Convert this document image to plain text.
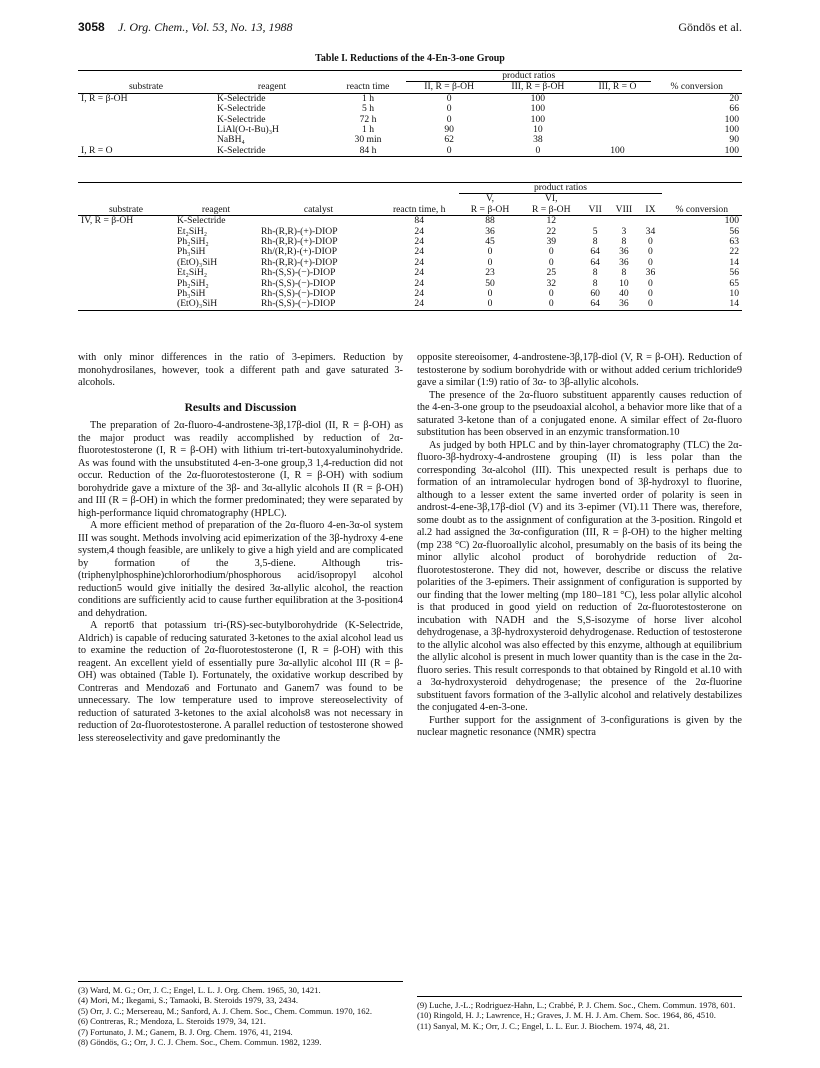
3058 J. Org. Chem., Vol. 53, No. 13, 1988	Göndös et al.
Table I. Reductions of the 4-En-3-one Group
			product ratios			
substrate	reagent	reactn time	II, R = β-OH	III, R = β-OH	III, R = O	% conversion
I, R = β-OH	K-Selectride	1 h	0	100		20
	K-Selectride	5 h	0	100		66
	K-Selectride	72 h	0	100		100
	LiAl(O-t-Bu)₃H	1 h	90	10		100
	NaBH₄	30 min	62	38		90
I, R = O	K-Selectride	84 h	0	0	100	100
				product ratios					
				V,	VI,				
substrate	reagent	catalyst	reactn time, h	R = β-OH	R = β-OH	VII	VIII	IX	% conversion
IV, R = β-OH	K-Selectride		84	88	12				100
	Et₂SiH₂	Rh-(R,R)-(+)-DIOP	24	36	22	5	3	34	56
	Ph₂SiH₂	Rh-(R,R)-(+)-DIOP	24	45	39	8	8	0	63
	Ph₃SiH	Rh/(R,R)-(+)-DIOP	24	0	0	64	36	0	22
	(EtO)₃SiH	Rh-(R,R)-(+)-DIOP	24	0	0	64	36	0	14
	Et₂SiH₂	Rh-(S,S)-(−)-DIOP	24	23	25	8	8	36	56
	Ph₂SiH₂	Rh-(S,S)-(−)-DIOP	24	50	32	8	10	0	65
	Ph₃SiH	Rh-(S,S)-(−)-DIOP	24	0	0	60	40	0	10
	(EtO)₃SiH	Rh-(S,S)-(−)-DIOP	24	0	0	64	36	0	14

with only minor differences in the ratio of 3-epimers. Reduction by monohydrosilanes, however, took a different path and gave saturated 3-alcohols.

Results and Discussion

The preparation of 2α-fluoro-4-androstene-3β,17β-diol (II, R = β-OH) as the major product was readily accomplished by reduction of 2α-fluorotestosterone (I, R = β-OH) with lithium tri-tert-butoxyaluminohydride. As was found with the unsubstituted 4-en-3-one group,3 1,4-reduction did not occur. Reduction of the 2α-fluorotestosterone (I, R = β-OH) with sodium borohydride gave a mixture of the 3β- and 3α-allylic alcohols II (R = β-OH) and III (R = β-OH) in which the former predominated; they were separated by high-performance liquid chromatography (HPLC).

A more efficient method of preparation of the 2α-fluoro 4-en-3α-ol system III was sought. Methods involving acid epimerization of the 3β-hydroxy 4-ene system,4 though feasible, are unlikely to give a high yield and are complicated by formation of the 3,5-diene. Although tris-(triphenylphosphine)chlororhodium/phosphorous acid/isopropyl alcohol reduction5 would give initially the desired 3α-allylic alcohol, the reaction conditions are sufficiently acid to cause further equilibration at the 3-position4 and dehydration.

A report6 that potassium tri-(RS)-sec-butylborohydride (K-Selectride, Aldrich) is capable of reducing saturated 3-ketones to the axial alcohol lead us to examine the reduction of 2α-fluorotestosterone (I, R = β-OH) with this reagent. An excellent yield of essentially pure 3α-allylic alcohol III (R = β-OH) was obtained (Table I). Fortunately, the oxidative workup described by Contreras and Mendoza6 and Fortunato and Ganem7 was found to be unnecessary. The low temperature used to improve stereoselectivity of reduction of saturated 3-ketones to the axial alcohols8 was not necessary in reduction of 2α-fluorotestosterone. A parallel reduction of testosterone showed less stereoselectivity and gave predominantly the

opposite stereoisomer, 4-androstene-3β,17β-diol (V, R = β-OH). Reduction of testosterone by sodium borohydride with or without added cerium trichloride9 gave a similar (1:9) ratio of 3α- to 3β-allylic alcohols.

The presence of the 2α-fluoro substituent apparently causes reduction of the 4-en-3-one group to the pseudoaxial alcohol, a behavior more like that of a saturated 3-ketone than of a conjugated enone. A similar effect of 2α-fluoro substitution has been observed in an enzymic transformation.10

As judged by both HPLC and by thin-layer chromatography (TLC) the 2α-fluoro-3β-hydroxy-4-androstene grouping (II) is less polar than the corresponding 3α-alcohol (III). This unexpected result is perhaps due to formation of an intramolecular hydrogen bond of 3β-hydroxyl to fluorine, although to a lesser extent the same inverted order of polarity is seen in androst-4-ene-3β,17β-diol (V) and its 3-epimer (VI).11 There was, therefore, some doubt as to the assignment of configuration at the 3-position. Ringold et al.2 had assigned the 3α-configuration (III, R = β-OH) to the higher melting (mp 238 °C) 2α-fluoroallylic alcohol, presumably on the basis of its being the minor allylic alcohol product of borohydride reduction of 2α-fluorotestosterone. They did not, however, describe or discuss the relative polarities of the 3-epimers. Their assignment of configuration is supported by our finding that the lower melting (mp 180–181 °C), less polar allylic alcohol is that produced in good yield on reduction of 2α-fluorotestosterone on incubation with NADH and the S,S-isozyme of horse liver alcohol dehydrogenase, a 3β-hydroxysteroid dehydrogenase. Reduction of testosterone to the allylic alcohol was also effected by this enzyme, although at equilibrium the allylic alcohol is present in much lower quantity than is the case in the 2α-fluoro series. This result corresponds to that obtained by Ringold et al.10 with a 3α-hydroxysteroid dehydrogenase; the presence of the 2α-fluorine substituent favors formation of the 3-allylic alcohol and relatively destabilizes the conjugated 4-en-3-one.

Further support for the assignment of 3-configurations is given by the nuclear magnetic resonance (NMR) spectra

(3) Ward, M. G.; Orr, J. C.; Engel, L. L. J. Org. Chem. 1965, 30, 1421.
(4) Mori, M.; Ikegami, S.; Tamaoki, B. Steroids 1979, 33, 2434.
(5) Orr, J. C.; Mersereau, M.; Sanford, A. J. Chem. Soc., Chem. Commun. 1970, 162.
(6) Contreras, R.; Mendoza, L. Steroids 1979, 34, 121.
(7) Fortunato, J. M.; Ganem, B. J. Org. Chem. 1976, 41, 2194.
(8) Göndös, G.; Orr, J. C. J. Chem. Soc., Chem. Commun. 1982, 1239.
(9) Luche, J.-L.; Rodriguez-Hahn, L.; Crabbé, P. J. Chem. Soc., Chem. Commun. 1978, 601.
(10) Ringold, H. J.; Lawrence, H.; Graves, J. M. H. J. Am. Chem. Soc. 1964, 86, 4510.
(11) Sanyal, M. K.; Orr, J. C.; Engel, L. L. Eur. J. Biochem. 1974, 48, 21.
